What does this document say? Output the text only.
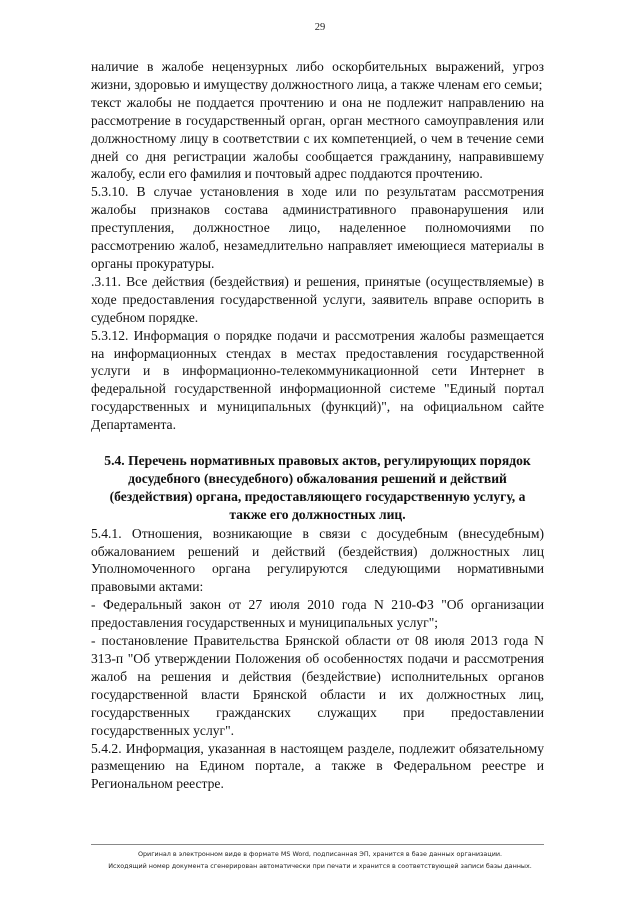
29

наличие в жалобе нецензурных либо оскорбительных выражений, угроз жизни, здоровью и имуществу должностного лица, а также членам его семьи;

текст жалобы не поддается прочтению и она не подлежит направлению на рассмотрение в государственный орган, орган местного самоуправления или должностному лицу в соответствии с их компетенцией, о чем в течение семи дней со дня регистрации жалобы сообщается гражданину, направившему жалобу, если его фамилия и почтовый адрес поддаются прочтению.

5.3.10. В случае установления в ходе или по результатам рассмотрения жалобы признаков состава административного правонарушения или преступления, должностное лицо, наделенное полномочиями по рассмотрению жалоб, незамедлительно направляет имеющиеся материалы в органы прокуратуры.

.3.11. Все действия (бездействия) и решения, принятые (осуществляемые) в ходе предоставления государственной услуги, заявитель вправе оспорить в судебном порядке.

5.3.12. Информация о порядке подачи и рассмотрения жалобы размещается на информационных стендах в местах предоставления государственной услуги и в информационно-телекоммуникационной сети Интернет в федеральной государственной информационной системе "Единый портал государственных и муниципальных (функций)", на официальном сайте Департамента.

5.4. Перечень нормативных правовых актов, регулирующих порядок досудебного (внесудебного) обжалования решений и действий (бездействия) органа, предоставляющего государственную услугу, а также его должностных лиц.

5.4.1. Отношения, возникающие в связи с досудебным (внесудебным) обжалованием решений и действий (бездействия) должностных лиц Уполномоченного органа регулируются следующими нормативными правовыми актами:

- Федеральный закон от 27 июля 2010 года N 210-ФЗ "Об организации предоставления государственных и муниципальных услуг";

- постановление Правительства Брянской области от 08 июля 2013 года N 313-п "Об утверждении Положения об особенностях подачи и рассмотрения жалоб на решения и действия (бездействие) исполнительных органов государственной власти Брянской области и их должностных лиц, государственных гражданских служащих при предоставлении государственных услуг".

5.4.2. Информация, указанная в настоящем разделе, подлежит обязательному размещению на Едином портале, а также в Федеральном реестре и Региональном реестре.

Оригинал в электронном виде в формате MS Word, подписанная ЭП, хранится в базе данных организации.
Исходящий номер документа сгенерирован автоматически при печати и хранится в соответствующей записи базы данных.
